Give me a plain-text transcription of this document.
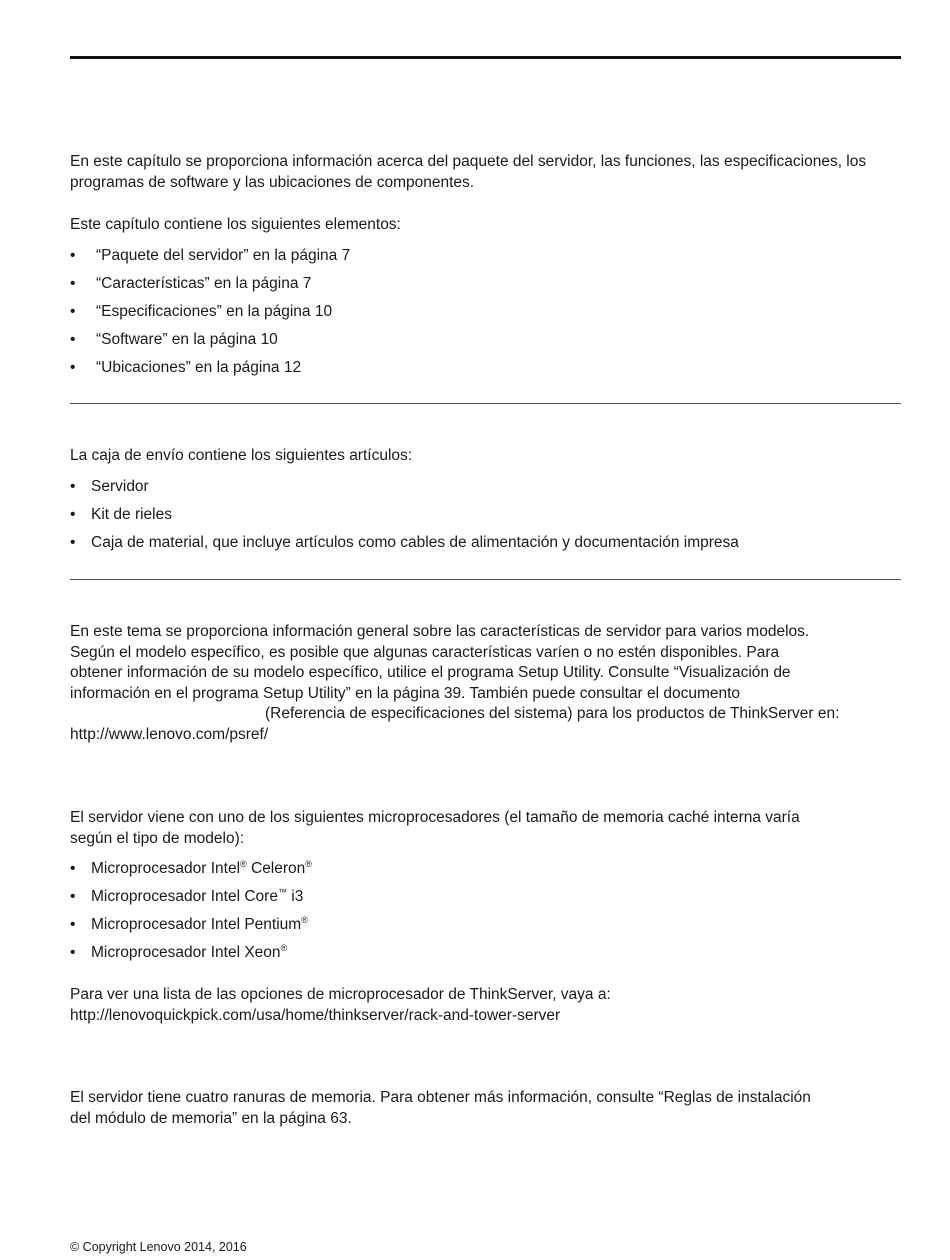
En este capítulo se proporciona información acerca del paquete del servidor, las funciones, las especificaciones, los programas de software y las ubicaciones de componentes.

Este capítulo contiene los siguientes elementos:

• “Paquete del servidor” en la página 7
• “Características” en la página 7
• “Especificaciones” en la página 10
• “Software” en la página 10
• “Ubicaciones” en la página 12

La caja de envío contiene los siguientes artículos:

• Servidor
• Kit de rieles
• Caja de material, que incluye artículos como cables de alimentación y documentación impresa
En este tema se proporciona información general sobre las características de servidor para varios modelos.
Según el modelo específico, es posible que algunas características varíen o no estén disponibles. Para
obtener información de su modelo específico, utilice el programa Setup Utility. Consulte “Visualización de
información en el programa Setup Utility” en la página 39. También puede consultar el documento
(Referencia de especificaciones del sistema) para los productos de ThinkServer en:
http://www.lenovo.com/psref/
El servidor viene con uno de los siguientes microprocesadores (el tamaño de memoria caché interna varía
según el tipo de modelo):
• Microprocesador Intel® Celeron®
• Microprocesador Intel Core™ i3
• Microprocesador Intel Pentium®
• Microprocesador Intel Xeon®
Para ver una lista de las opciones de microprocesador de ThinkServer, vaya a:
http://lenovoquickpick.com/usa/home/thinkserver/rack-and-tower-server
El servidor tiene cuatro ranuras de memoria. Para obtener más información, consulte “Reglas de instalación
del módulo de memoria” en la página 63.
© Copyright Lenovo 2014, 2016
